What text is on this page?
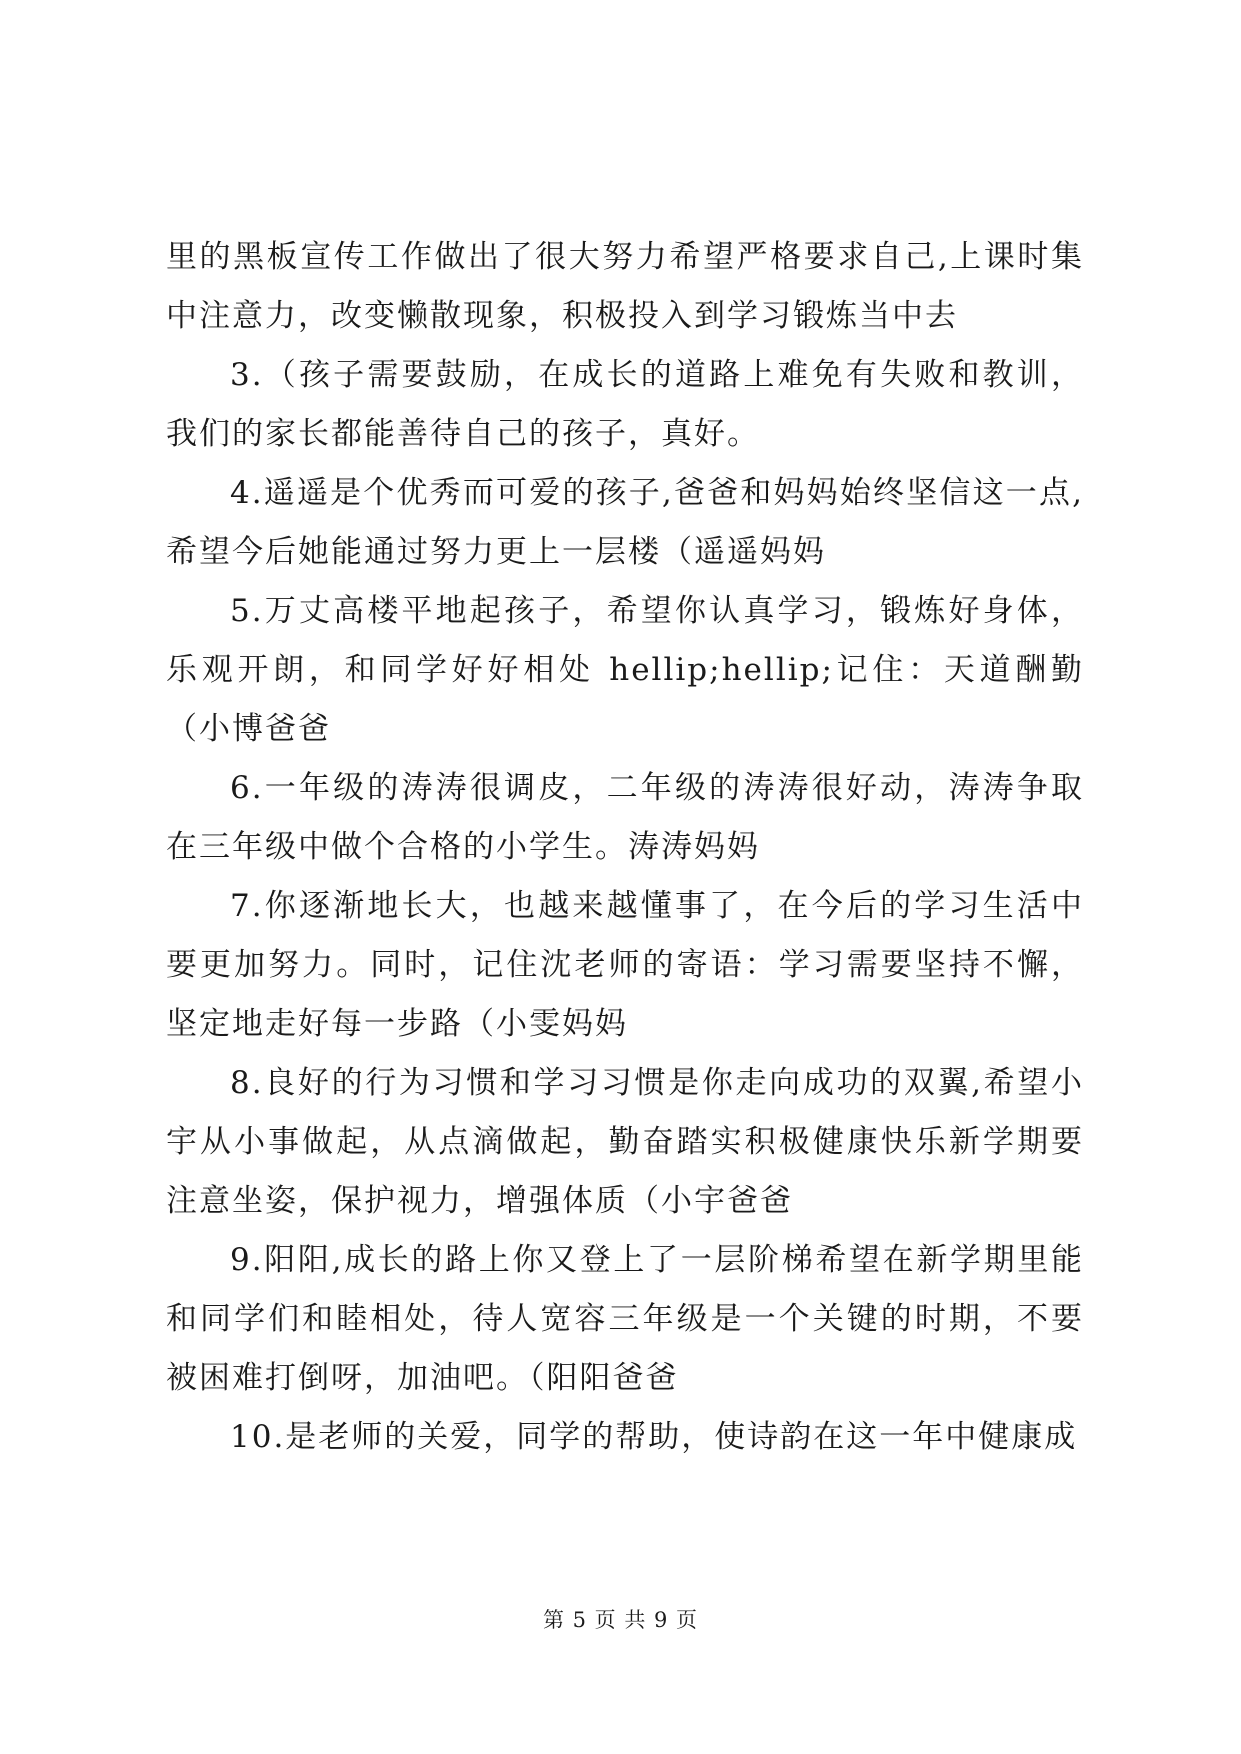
里的黑板宣传工作做出了很大努力希望严格要求自己,上课时集中注意力，改变懒散现象，积极投入到学习锻炼当中去

3.（孩子需要鼓励，在成长的道路上难免有失败和教训，我们的家长都能善待自己的孩子，真好。

4.遥遥是个优秀而可爱的孩子,爸爸和妈妈始终坚信这一点,希望今后她能通过努力更上一层楼（遥遥妈妈

5.万丈高楼平地起孩子，希望你认真学习，锻炼好身体，乐观开朗，和同学好好相处 hellip;hellip;记住：天道酬勤（小博爸爸

6.一年级的涛涛很调皮，二年级的涛涛很好动，涛涛争取在三年级中做个合格的小学生。涛涛妈妈

7.你逐渐地长大，也越来越懂事了，在今后的学习生活中要更加努力。同时，记住沈老师的寄语：学习需要坚持不懈，坚定地走好每一步路（小雯妈妈

8.良好的行为习惯和学习习惯是你走向成功的双翼,希望小宇从小事做起，从点滴做起，勤奋踏实积极健康快乐新学期要注意坐姿，保护视力，增强体质（小宇爸爸

9.阳阳,成长的路上你又登上了一层阶梯希望在新学期里能和同学们和睦相处，待人宽容三年级是一个关键的时期，不要被困难打倒呀，加油吧。（阳阳爸爸

10.是老师的关爱，同学的帮助，使诗韵在这一年中健康成

第 5 页 共 9 页
